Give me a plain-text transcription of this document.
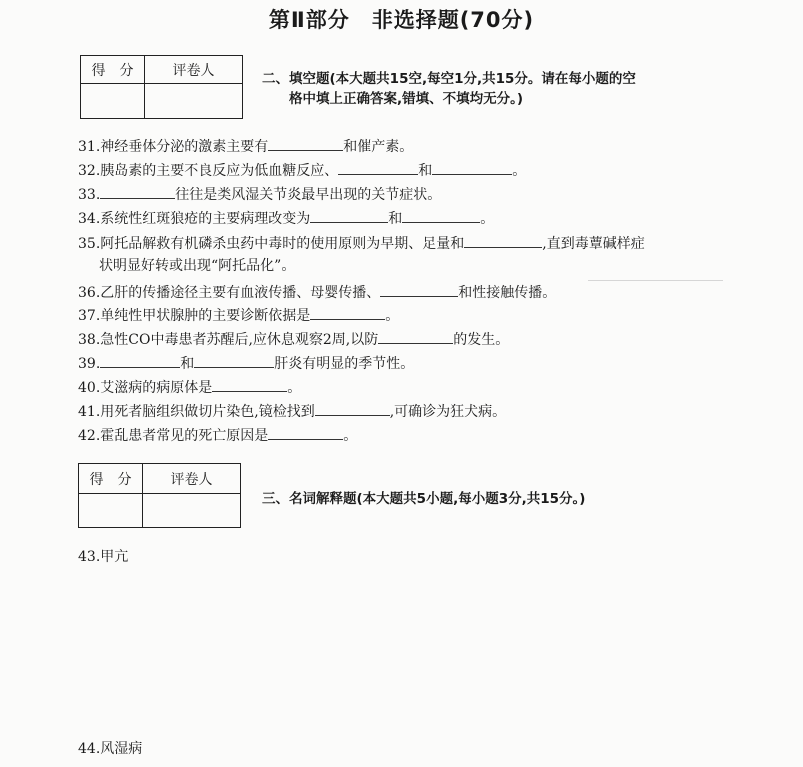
第Ⅱ部分　非选择题(70分)
得　分	评卷人

二、填空题(本大题共15空,每空1分,共15分。请在每小题的空
格中填上正确答案,错填、不填均无分。)
31.神经垂体分泌的激素主要有	和催产素。
32.胰岛素的主要不良反应为低血糖反应、	和	。
33.	往往是类风湿关节炎最早出现的关节症状。
34.系统性红斑狼疮的主要病理改变为	和	。
35.阿托品解救有机磷杀虫药中毒时的使用原则为早期、足量和	,直到毒蕈碱样症
状明显好转或出现“阿托品化”。
36.乙肝的传播途径主要有血液传播、母婴传播、	和性接触传播。
37.单纯性甲状腺肿的主要诊断依据是	。
38.急性CO中毒患者苏醒后,应休息观察2周,以防	的发生。
39.	和	肝炎有明显的季节性。
40.艾滋病的病原体是	。
41.用死者脑组织做切片染色,镜检找到	,可确诊为狂犬病。
42.霍乱患者常见的死亡原因是	。
得　分	评卷人

三、名词解释题(本大题共5小题,每小题3分,共15分。)
43.甲亢
44.风湿病
